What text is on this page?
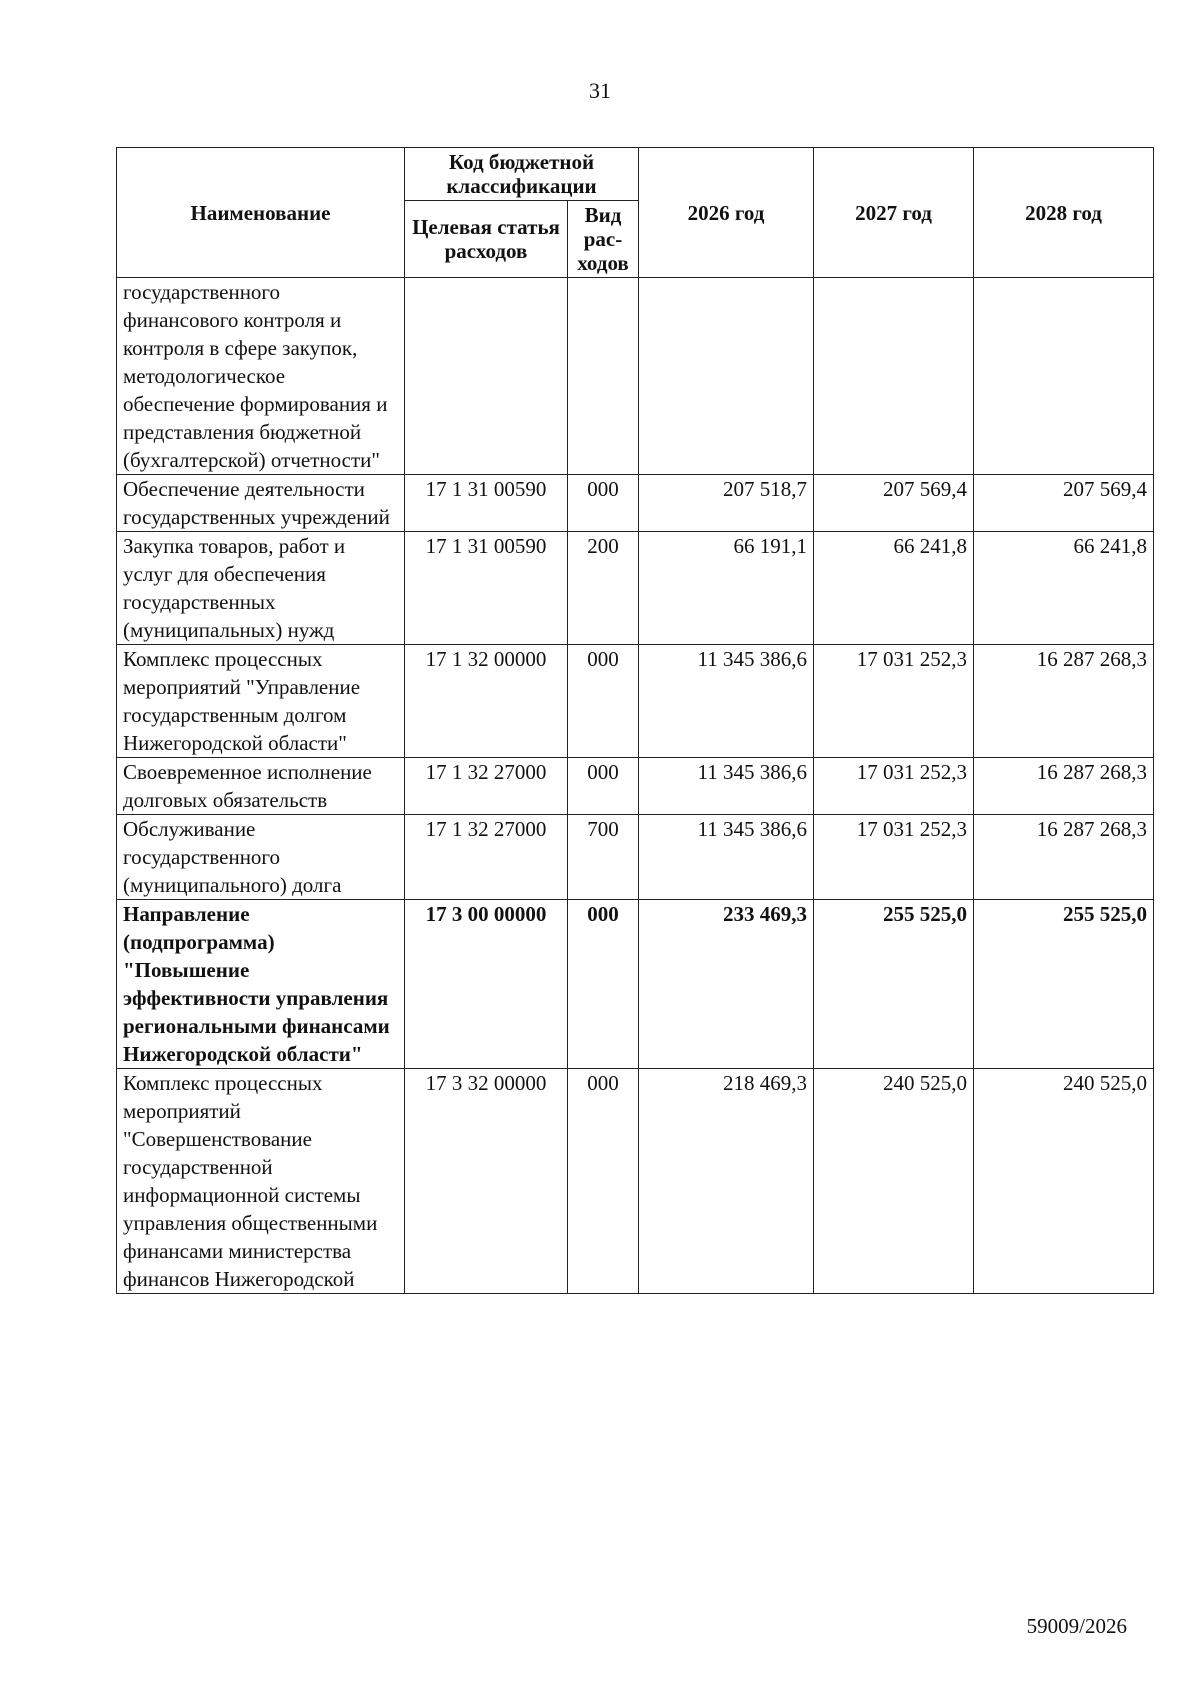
31
Наименование	Код бюджетной классификации		2026 год	2027 год	2028 год
	Целевая статья расходов	Вид
рас-
ходов			

государственного финансового контроля и контроля в сфере закупок, методологическое обеспечение формирования и представления бюджетной (бухгалтерской) отчетности"					
Обеспечение деятельности государственных учреждений	17 1 31 00590	000	207 518,7	207 569,4	207 569,4
Закупка товаров, работ и услуг для обеспечения государственных (муниципальных) нужд	17 1 31 00590	200	66 191,1	66 241,8	66 241,8
Комплекс процессных мероприятий "Управление государственным долгом Нижегородской области"	17 1 32 00000	000	11 345 386,6	17 031 252,3	16 287 268,3
Своевременное исполнение долговых обязательств	17 1 32 27000	000	11 345 386,6	17 031 252,3	16 287 268,3
Обслуживание государственного (муниципального) долга	17 1 32 27000	700	11 345 386,6	17 031 252,3	16 287 268,3
Направление (подпрограмма) "Повышение эффективности управления региональными финансами Нижегородской области"	17 3 00 00000	000	233 469,3	255 525,0	255 525,0
Комплекс процессных мероприятий "Совершенствование государственной информационной системы управления общественными финансами министерства финансов Нижегородской	17 3 32 00000	000	218 469,3	240 525,0	240 525,0
59009/2026
